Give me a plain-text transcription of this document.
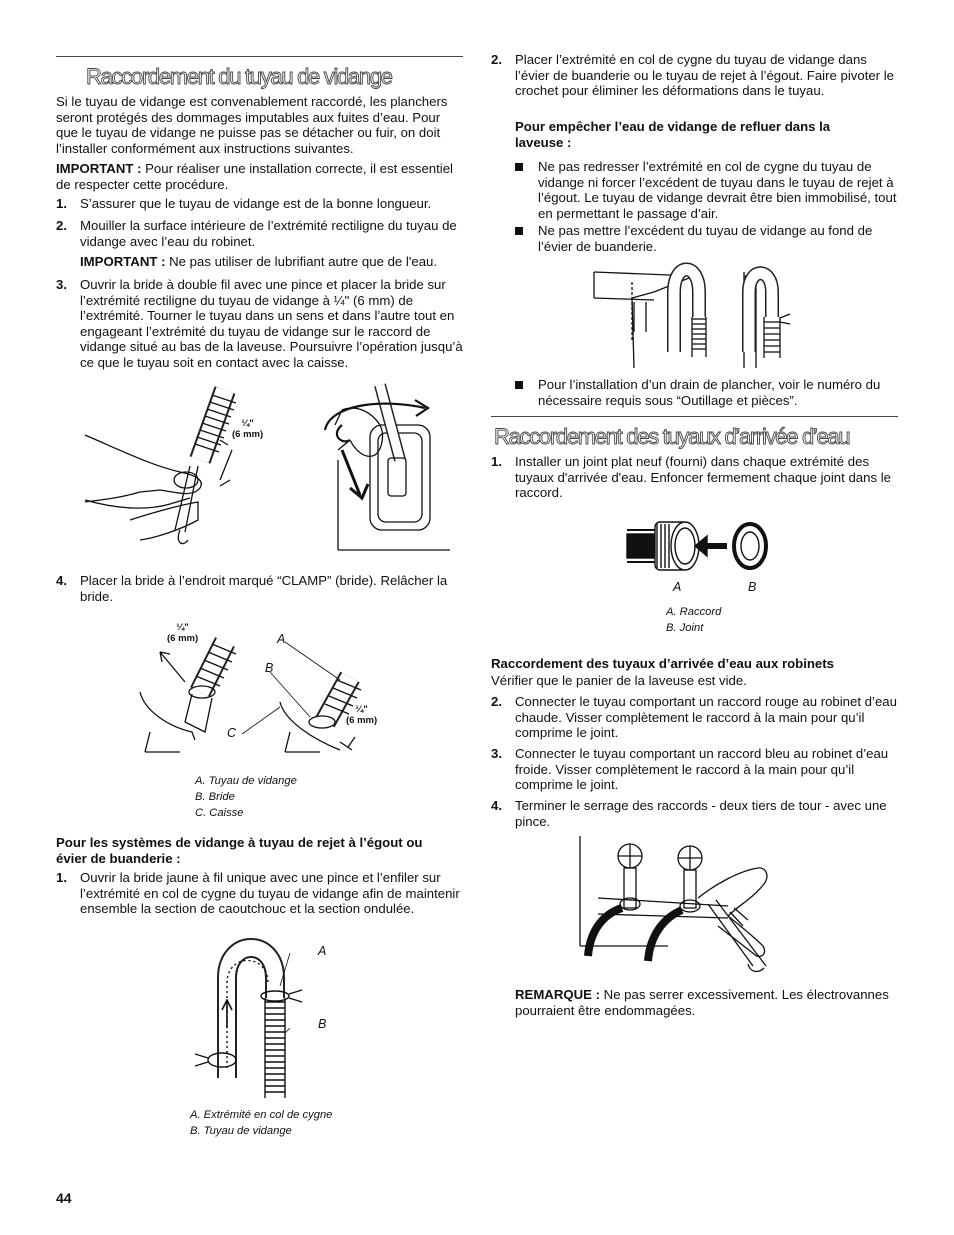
Raccordement du tuyau de vidange

Si le tuyau de vidange est convenablement raccordé, les planchers seront protégés des dommages imputables aux fuites d’eau. Pour que le tuyau de vidange ne puisse pas se détacher ou fuir, on doit l’installer conformément aux instructions suivantes.

IMPORTANT : Pour réaliser une installation correcte, il est essentiel de respecter cette procédure.

1. S’assurer que le tuyau de vidange est de la bonne longueur.

2. Mouiller la surface intérieure de l’extrémité rectiligne du tuyau de vidange avec l’eau du robinet.

IMPORTANT : Ne pas utiliser de lubrifiant autre que de l'eau.

3. Ouvrir la bride à double fil avec une pince et placer la bride sur l’extrémité rectiligne du tuyau de vidange à ¼" (6 mm) de l’extrémité. Tourner le tuyau dans un sens et dans l’autre tout en engageant l’extrémité du tuyau de vidange sur le raccord de vidange situé au bas de la laveuse. Poursuivre l’opération jusqu’à ce que le tuyau soit en contact avec la caisse.

¼"
(6 mm)
4. Placer la bride à l’endroit marqué “CLAMP” (bride). Relâcher la bride.

¼"
(6 mm)
¼"
(6 mm)
A
B
C

A. Tuyau de vidange

B. Bride

C. Caisse

Pour les systèmes de vidange à tuyau de rejet à l’égout ou évier de buanderie :

1. Ouvrir la bride jaune à fil unique avec une pince et l’enfiler sur l’extrémité en col de cygne du tuyau de vidange afin de maintenir ensemble la section de caoutchouc et la section ondulée.

A
B

A. Extrémité en col de cygne

B. Tuyau de vidange

2. Placer l’extrémité en col de cygne du tuyau de vidange dans l’évier de buanderie ou le tuyau de rejet à l’égout. Faire pivoter le crochet pour éliminer les déformations dans le tuyau.

Pour empêcher l’eau de vidange de refluer dans la laveuse :

Ne pas redresser l’extrémité en col de cygne du tuyau de vidange ni forcer l’excédent de tuyau dans le tuyau de rejet à l’égout. Le tuyau de vidange devrait être bien immobilisé, tout en permettant le passage d’air.

Ne pas mettre l’excédent du tuyau de vidange au fond de l’évier de buanderie.

Pour l’installation d’un drain de plancher, voir le numéro du nécessaire requis sous “Outillage et pièces”.

Raccordement des tuyaux d’arrivée d’eau
1. Installer un joint plat neuf (fourni) dans chaque extrémité des tuyaux d'arrivée d'eau. Enfoncer fermement chaque joint dans le raccord.

A	B

A. Raccord

B. Joint

Raccordement des tuyaux d’arrivée d’eau aux robinets

Vérifier que le panier de la laveuse est vide.

2. Connecter le tuyau comportant un raccord rouge au robinet d’eau chaude. Visser complètement le raccord à la main pour qu’il comprime le joint.

3. Connecter le tuyau comportant un raccord bleu au robinet d’eau froide. Visser complètement le raccord à la main pour qu’il comprime le joint.

4. Terminer le serrage des raccords - deux tiers de tour - avec une pince.

REMARQUE : Ne pas serrer excessivement. Les électrovannes pourraient être endommagées.

44
